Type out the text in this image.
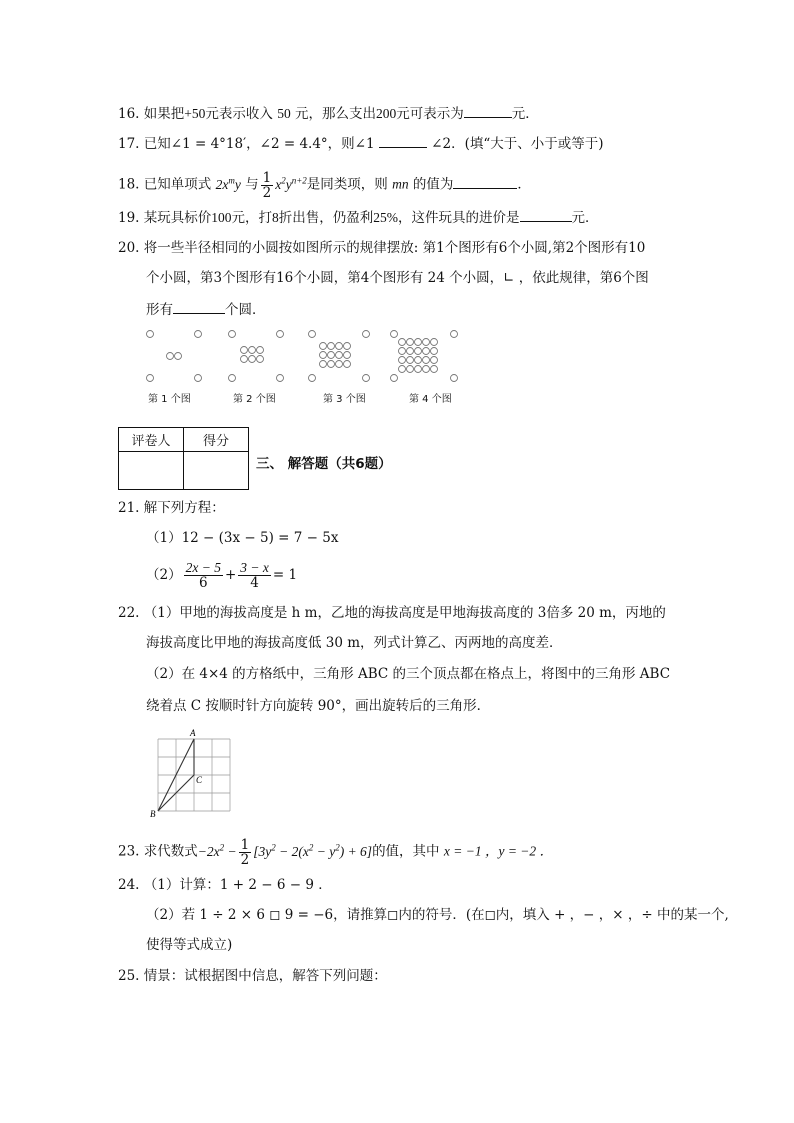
16. 如果把+50元表示收入 50 元，那么支出200元可表示为	元．
17. 已知∠1 = 4°18′，∠2 = 4.4°，则∠1	∠2．(填“大于、小于或等于)
18. 已知单项式 $2x^my$ 与 $\frac{1}{2} x^2y^{n+2}$是同类项，则 mn 的值为	．
19. 某玩具标价100元，打8折出售，仍盈利25%，这件玩具的进价是	元．
20. 将一些半径相同的小圆按如图所示的规律摆放: 第1个图形有6个小圆,第2个图形有10
个小圆，第3个图形有16个小圆，第4个图形有 24 个小圆，∟ ，依此规律，第6个图
形有	个圆．
第 1 个图	第 2 个图	第 3 个图	第 4 个图
评卷人	得分

三、 解答题（共6题）
21. 解下列方程：
（1）12 − (3x − 5) = 7 − 5x
$(2) \frac{2x - 5}{6} + \frac{3 - x}{4} = 1$
22. （1）甲地的海拔高度是 h m，乙地的海拔高度是甲地海拔高度的 3倍多 20 m，丙地的
海拔高度比甲地的海拔高度低 30 m，列式计算乙、丙两地的高度差．
（2）在 4×4 的方格纸中，三角形 ABC 的三个顶点都在格点上，将图中的三角形 ABC
绕着点 C 按顺时针方向旋转 90°，画出旋转后的三角形．
A
B
C
23. 求代数式$-2x^2 - \frac{1}{2} [3y^2 - 2(x^2 - y^2) + 6]$的值，其中 x = −1 ，y = −2 ．
24. （1）计算：1 + 2 − 6 − 9 ．
（2）若 1 ÷ 2 × 6 ◻ 9 = −6，请推算◻内的符号．(在◻内，填入 + ，− ，× ，÷ 中的某一个,
使得等式成立)
25. 情景：试根据图中信息，解答下列问题：
